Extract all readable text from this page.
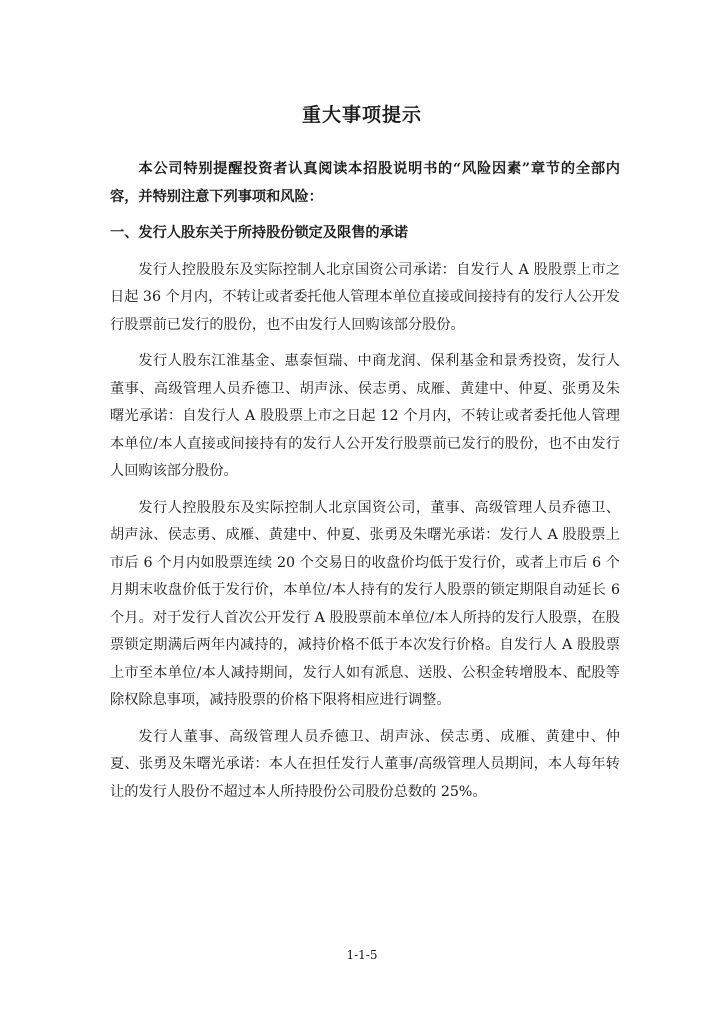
重大事项提示

本公司特别提醒投资者认真阅读本招股说明书的“风险因素”章节的全部内容，并特别注意下列事项和风险：

一、发行人股东关于所持股份锁定及限售的承诺

发行人控股股东及实际控制人北京国资公司承诺：自发行人 A 股股票上市之日起 36 个月内，不转让或者委托他人管理本单位直接或间接持有的发行人公开发行股票前已发行的股份，也不由发行人回购该部分股份。

发行人股东江淮基金、惠泰恒瑞、中商龙润、保利基金和景秀投资，发行人董事、高级管理人员乔德卫、胡声泳、侯志勇、成雁、黄建中、仲夏、张勇及朱曙光承诺：自发行人 A 股股票上市之日起 12 个月内，不转让或者委托他人管理本单位/本人直接或间接持有的发行人公开发行股票前已发行的股份，也不由发行人回购该部分股份。

发行人控股股东及实际控制人北京国资公司，董事、高级管理人员乔德卫、胡声泳、侯志勇、成雁、黄建中、仲夏、张勇及朱曙光承诺：发行人 A 股股票上市后 6 个月内如股票连续 20 个交易日的收盘价均低于发行价，或者上市后 6 个月期末收盘价低于发行价，本单位/本人持有的发行人股票的锁定期限自动延长 6 个月。对于发行人首次公开发行 A 股股票前本单位/本人所持的发行人股票，在股票锁定期满后两年内减持的，减持价格不低于本次发行价格。自发行人 A 股股票上市至本单位/本人减持期间，发行人如有派息、送股、公积金转增股本、配股等除权除息事项，减持股票的价格下限将相应进行调整。

发行人董事、高级管理人员乔德卫、胡声泳、侯志勇、成雁、黄建中、仲夏、张勇及朱曙光承诺：本人在担任发行人董事/高级管理人员期间，本人每年转让的发行人股份不超过本人所持股份公司股份总数的 25%。

1-1-5
